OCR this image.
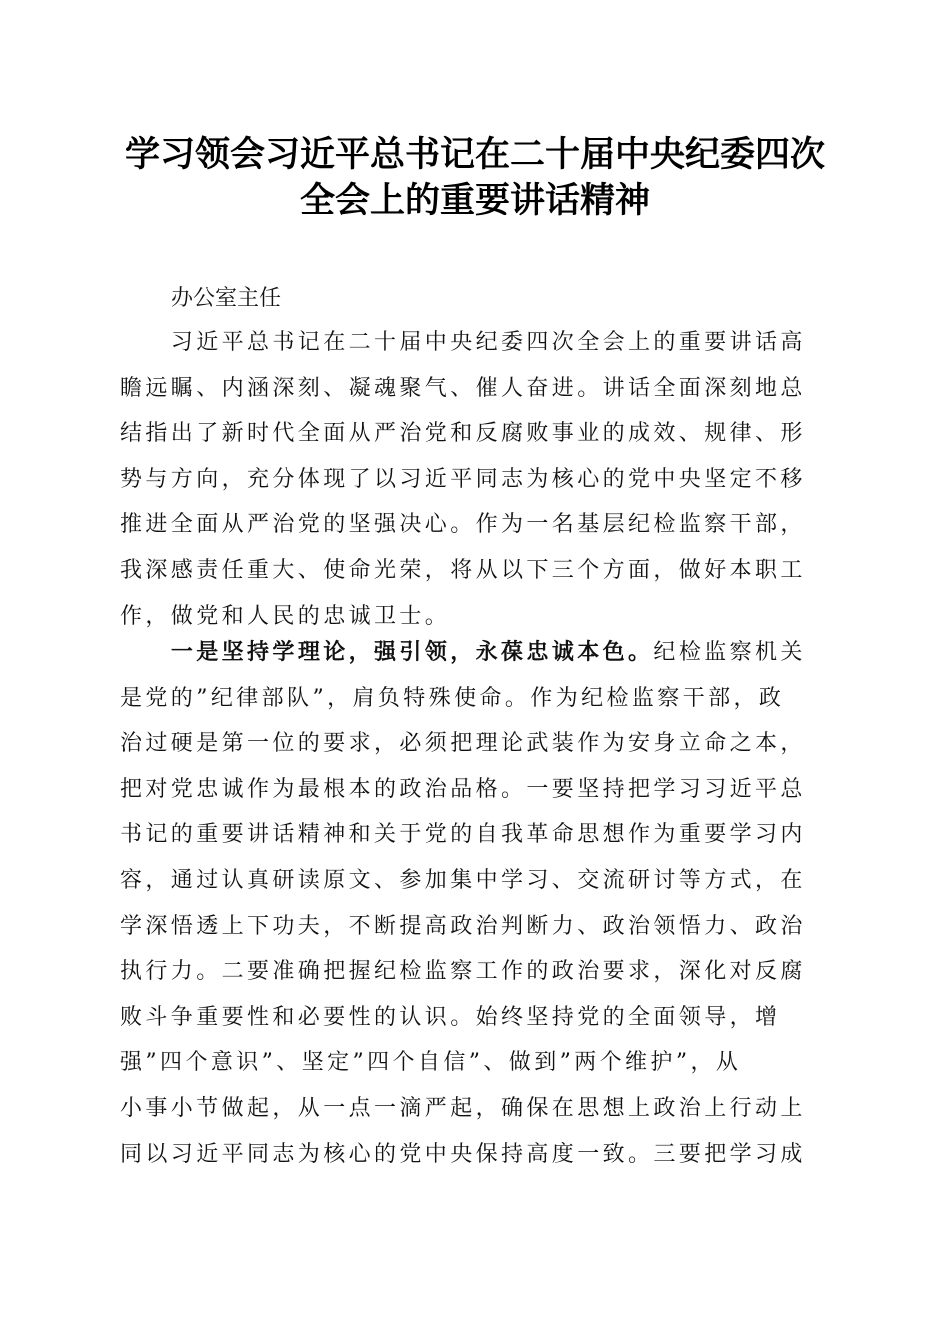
学习领会习近平总书记在二十届中央纪委四次
全会上的重要讲话精神

办公室主任

　　习近平总书记在二十届中央纪委四次全会上的重要讲话高
瞻远瞩、内涵深刻、凝魂聚气、催人奋进。讲话全面深刻地总
结指出了新时代全面从严治党和反腐败事业的成效、规律、形
势与方向，充分体现了以习近平同志为核心的党中央坚定不移
推进全面从严治党的坚强决心。作为一名基层纪检监察干部，
我深感责任重大、使命光荣，将从以下三个方面，做好本职工
作，做党和人民的忠诚卫士。
　　一是坚持学理论，强引领，永葆忠诚本色。纪检监察机关
是党的”纪律部队”，肩负特殊使命。作为纪检监察干部，政
治过硬是第一位的要求，必须把理论武装作为安身立命之本，
把对党忠诚作为最根本的政治品格。一要坚持把学习习近平总
书记的重要讲话精神和关于党的自我革命思想作为重要学习内
容，通过认真研读原文、参加集中学习、交流研讨等方式，在
学深悟透上下功夫，不断提高政治判断力、政治领悟力、政治
执行力。二要准确把握纪检监察工作的政治要求，深化对反腐
败斗争重要性和必要性的认识。始终坚持党的全面领导，增
强”四个意识”、坚定”四个自信”、做到”两个维护”，从
小事小节做起，从一点一滴严起，确保在思想上政治上行动上
同以习近平同志为核心的党中央保持高度一致。三要把学习成
